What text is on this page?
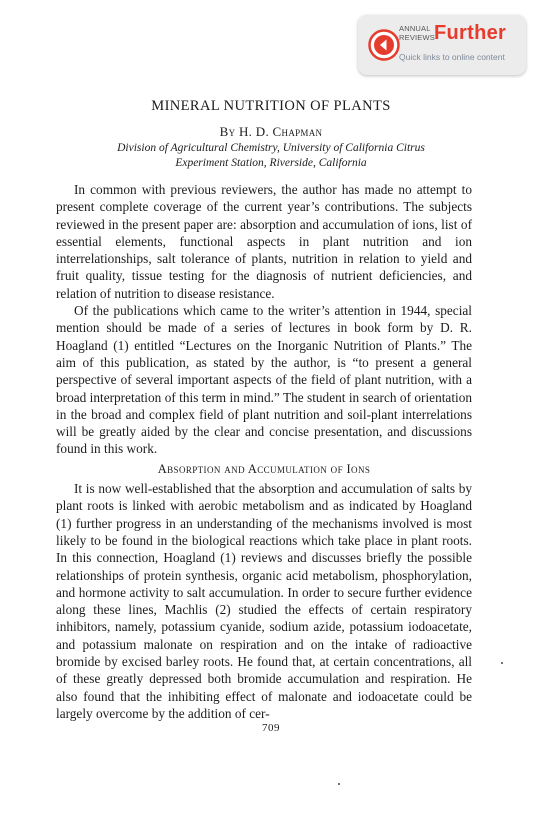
ANNUAL
REVIEWS Further
Quick links to online content
MINERAL NUTRITION OF PLANTS
By H. D. Chapman
Division of Agricultural Chemistry, University of California Citrus
Experiment Station, Riverside, California

In common with previous reviewers, the author has made no attempt to present complete coverage of the current year’s contributions. The subjects reviewed in the present paper are: absorption and accumulation of ions, list of essential elements, functional aspects in plant nutrition and ion interrelationships, salt tolerance of plants, nutrition in relation to yield and fruit quality, tissue testing for the diagnosis of nutrient deficiencies, and relation of nutrition to disease resistance.

Of the publications which came to the writer’s attention in 1944, special mention should be made of a series of lectures in book form by D. R. Hoagland (1) entitled “Lectures on the Inorganic Nutrition of Plants.” The aim of this publication, as stated by the author, is “to present a general perspective of several important aspects of the field of plant nutrition, with a broad interpretation of this term in mind.” The student in search of orientation in the broad and complex field of plant nutrition and soil-plant interrelations will be greatly aided by the clear and concise presentation, and discussions found in this work.

Absorption and Accumulation of Ions

It is now well-established that the absorption and accumulation of salts by plant roots is linked with aerobic metabolism and as indicated by Hoagland (1) further progress in an understanding of the mechanisms involved is most likely to be found in the biological reactions which take place in plant roots. In this connection, Hoagland (1) reviews and discusses briefly the possible relationships of protein synthesis, organic acid metabolism, phosphorylation, and hormone activity to salt accumulation. In order to secure further evidence along these lines, Machlis (2) studied the effects of certain respiratory inhibitors, namely, potassium cyanide, sodium azide, potassium iodoacetate, and potassium malonate on respiration and on the intake of radioactive bromide by excised barley roots. He found that, at certain concentrations, all of these greatly depressed both bromide accumulation and respiration. He also found that the inhibiting effect of malonate and iodoacetate could be largely overcome by the addition of cer-

709
